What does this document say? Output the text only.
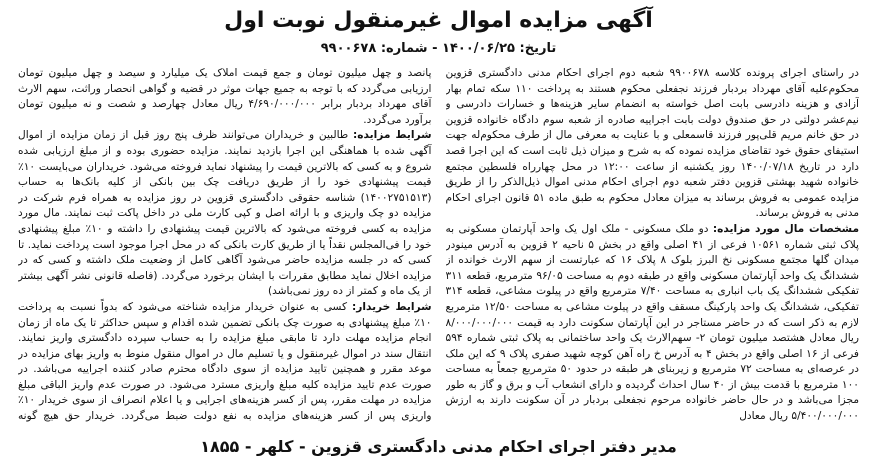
آگهی مزایده اموال غیرمنقول نوبت اول
تاریخ: ۱۴۰۰/۰۶/۲۵ - شماره: ۹۹۰۰۶۷۸

در راستای اجرای پرونده کلاسه ۹۹۰۰۶۷۸ شعبه دوم اجرای احکام مدنی دادگستری قزوین محکوم‌علیه آقای مهرداد بردبار فرزند نجفعلی محکوم هستند به پرداخت ۱۱۰ سکه تمام بهار آزادی و هزینه دادرسی بابت اصل خواسته به انضمام سایر هزینه‌ها و خسارات دادرسی و نیم‌عشر دولتی در حق صندوق دولت بابت اجراییه صادره از شعبه سوم دادگاه خانواده قزوین در حق خانم مریم قلی‌پور فرزند قاسمعلی و با عنایت به معرفی مال از طرف محکوم‌له جهت استیفای حقوق خود تقاضای مزایده نموده که به شرح و میزان ذیل ثابت است که این اجرا قصد دارد در تاریخ ۱۴۰۰/۰۷/۱۸ روز یکشنبه از ساعت ۱۲:۰۰ در محل چهارراه فلسطین مجتمع خانواده شهید بهشتی قزوین دفتر شعبه دوم اجرای احکام مدنی اموال ذیل‌الذکر را از طریق مزایده عمومی به فروش برساند به میزان معادل محکوم به طبق ماده ۵۱ قانون اجرای احکام مدنی به فروش برساند.

مشخصات مال مورد مزایده: دو ملک مسکونی - ملک اول یک واحد آپارتمان مسکونی به پلاک ثبتی شماره ۱۰۵۶۱ فرعی از ۴۱ اصلی واقع در بخش ۵ ناحیه ۲ قزوین به آدرس مینودر میدان گلها مجتمع مسکونی نخ البرز بلوک ۸ پلاک ۱۶ که عبارتست از سهم الارث خوانده از ششدانگ یک واحد آپارتمان مسکونی واقع در طبقه دوم به مساحت ۹۶/۰۵ مترمربع، قطعه ۳۱۱ تفکیکی ششدانگ یک باب انباری به مساحت ۷/۴۰ مترمربع واقع در پیلوت مشاعی، قطعه ۳۱۴ تفکیکی، ششدانگ یک واحد پارکینگ مسقف واقع در پیلوت مشاعی به مساحت ۱۲/۵۰ مترمربع لازم به ذکر است که در حاضر مستاجر در این آپارتمان سکونت دارد به قیمت ۸/۰۰۰/۰۰۰/۰۰۰ ریال معادل هشتصد میلیون تومان ۲- سهم‌الارث یک واحد ساختمانی به پلاک ثبتی شماره ۵۹۴ فرعی از ۱۶ اصلی واقع در بخش ۴ به آدرس خ راه آهن کوچه شهید صفری پلاک ۹ که این ملک در عرصه‌ای به مساحت ۷۲ مترمربع و زیربنای هر طبقه در حدود ۵۰ مترمربع جمعاً به مساحت ۱۰۰ مترمربع با قدمت بیش از ۴۰ سال احداث گردیده و دارای انشعاب آب و برق و گاز به طور مجزا می‌باشد و در حال حاضر خانواده مرحوم نجفعلی بردبار در آن سکونت دارند به ارزش ۵/۴۰۰/۰۰۰/۰۰۰ ریال معادل

پانصد و چهل میلیون تومان و جمع قیمت املاک یک میلیارد و سیصد و چهل میلیون تومان ارزیابی می‌گردد که با توجه به جمیع جهات موثر در قضیه و گواهی انحصار وراثت، سهم الارث آقای مهرداد بردبار برابر ۴/۶۹۰/۰۰۰/۰۰۰ ریال معادل چهارصد و شصت و نه میلیون تومان برآورد می‌گردد.

شرایط مزایده: طالبین و خریداران می‌توانند ظرف پنج روز قبل از زمان مزایده از اموال آگهی شده با هماهنگی این اجرا بازدید نمایند. مزایده حضوری بوده و از مبلغ ارزیابی شده شروع و به کسی که بالاترین قیمت را پیشنهاد نماید فروخته می‌شود. خریداران می‌بایست ۱۰٪ قیمت پیشنهادی خود را از طریق دریافت چک بین بانکی از کلیه بانک‌ها به حساب (۱۴۰۰۲۷۵۱۵۱۳) شناسه حقوقی دادگستری قزوین در روز مزایده به همراه فرم شرکت در مزایده دو چک واریزی و با ارائه اصل و کپی کارت ملی در داخل پاکت ثبت نمایند. مال مورد مزایده به کسی فروخته می‌شود که بالاترین قیمت پیشنهادی را داشته و ۱۰٪ مبلغ پیشنهادی خود را فی‌المجلس نقداً یا از طریق کارت بانکی که در محل اجرا موجود است پرداخت نماید. تا کسی که در جلسه مزایده حاضر می‌شود آگاهی کامل از وضعیت ملک داشته و کسی که در مزایده اخلال نماید مطابق مقررات با ایشان برخورد می‌گردد. (فاصله قانونی نشر آگهی بیشتر از یک ماه و کمتر از ده روز نمی‌باشد)

شرایط خریدار: کسی به عنوان خریدار مزایده شناخته می‌شود که بدواً نسبت به پرداخت ۱۰٪ مبلغ پیشنهادی به صورت چک بانکی تضمین شده اقدام و سپس حداکثر تا یک ماه از زمان انجام مزایده مهلت دارد تا مابقی مبلغ مزایده را به حساب سپرده دادگستری واریز نمایند. انتقال سند در اموال غیرمنقول و یا تسلیم مال در اموال منقول منوط به واریز بهای مزایده در موعد مقرر و همچنین تایید مزایده از سوی دادگاه محترم صادر کننده اجراییه می‌باشد. در صورت عدم تایید مزایده کلیه مبلغ واریزی مسترد می‌شود. در صورت عدم واریز الباقی مبلغ مزایده در مهلت مقرر، پس از کسر هزینه‌های اجرایی و یا اعلام انصراف از سوی خریدار ۱۰٪ واریزی پس از کسر هزینه‌های مزایده به نفع دولت ضبط می‌گردد. خریدار حق هیچ گونه

مدیر دفتر اجرای احکام مدنی دادگستری قزوین - کلهر - ۱۸۵۵
